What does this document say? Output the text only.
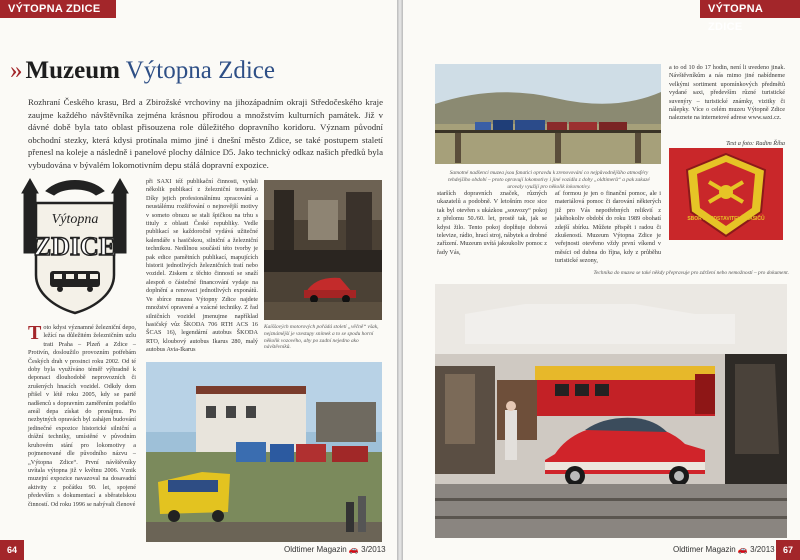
VÝTOPNA ZDICE
» Muzeum Výtopna Zdice
Rozhraní Českého krasu, Brd a Zbirožské vrchoviny na jihozápadním okraji Středočeského kraje zaujme každého návštěvníka zejména krásnou přírodou a množstvím kulturních památek. Již v dávné době byla tato oblast přisouzena role důležitého dopravního koridoru. Význam původní obchodní stezky, která kdysi protínala mimo jiné i dnešní město Zdice, se také postupem staletí přenesl na koleje a následně i panelové plochy dálnice D5. Jako technický odkaz našich předků byla vybudována v bývalém lokomotivním depu stálá dopravní expozice.
Výtopna
ZDICE
Toto kdysi významné železniční depo, ležící na důležitém železničním uzlu trati Praha – Plzeň a Zdice – Protivín, dosloužilo provozním potřebám Českých drah v prosinci roku 2002. Od té doby byla využíváno téměř výhradně k deponaci dlouhodobě neprovozních či zrušených hnacích vozidel. Odkdy dom přišel v létě roku 2005, kdy se partě nadšenců s dopravním zaměřením podařilo areál depa získat do pronájmu. Po nezbytných opravách byl zahájen budování jedinečné expozice historické silniční a drážní techniky, umístěné v původním kruhovém stání pro lokomotivy a pojmenované dle původního názvu – „Výtopna Zdice“. První návštěvníky uvítala výtopna již v květnu 2006. Vznik muzejní expozice navazoval na dosavadní aktivity z počátku 90. let, spojené především s dokumentací a sběratelskou činností. Od roku 1996 se nabývali členové
při SAXI též publikační činnosti, vydali několik publikací z železniční tematiky. Díky jejich profesionálnímu zpracování a neustálému rozšiřování o nejnovější motivy v someto obrazu se stali špičkou na trhu s tituly z oblasti České republiky. Vedle publikací se každoročně vydává užitečné kalendáře s hasičskou, silniční a železniční technikou. Nedílnou součástí této tvorby je pak edice pamětních publikací, mapujících historii jednotlivých železničních tratí nebo vozidel. Ziskem z těchto činností se snaží alespoň o částečné financování vydaje na doplnění a renovaci jednotlivých exponátů. Ve sbírce muzea Výtopny Zdice najdete množství opravené a vzácné techniky. Z řad silničních vozidel jmenujme například hasičský vůz ŠKODA 706 RTH ACS 16 ŠCAS 16), legendární autobus ŠKODA RTO, kloubový autobus Ikarus 280, malý autobus Avia-Ikarus
Kaiššových motorových pořádá století „věčně“ však, nejznámější je vzestupy snímek a to se spodu horní několik vozového, aby po zadní nejedno ako návštěvníků.
64	Oldtimer Magazin 🚗 3/2013
VÝTOPNA ZDICE
a to od 10 do 17 hodin, není li uvedeno jinak. Návštěvníkům a nás mimo jiné nabídneme velkými sortiment upomínkových předmětů vydané saxi, především různé turistické suvenýry – turistické známky, vizitky či nálepky. Více o celém muzeu Výtopně Zdice naleznete na internetové adrese www.saxi.cz.
Text a foto: Radim Říha
Samotné nadšenci muzea jsou fanatici opravdu k zrenovování co nejpůvodnějšího atmosféry tehdejšího období – proto opravují lokomotivy i jiné vozidla z doby „oldtimerů“ a pak zakazé urovaly využijí pro několik lokomotivy.
SBOR PŘEDSTAVITELŮ HASIČŮ
starších dopravních značek, různých ukazatelů a podobně. V letošním roce sice tak byl otevřen s ukázkou „souvozy“ pokoj z přelomu 50./60. let, prostě tak, jak se kdysi žilo. Tento pokoj doplňuje dobová televize, rádio, hrací stroj, nábytek a drobné zařízení. Muzeum uvítá jakoukoliv pomoc z řady Vás,
ať formou je jen o finanční pomoc, ale i materiálová pomoc či darování některých již pro Vás nepotřebných relikvií z jakéhokoliv období do roku 1989 obohatí zdejší sbírku. Můžete přispět i radou či zkušeností. Muzeum Výtopna Zdice je veřejnosti otevřeno vždy první víkend v měsíci od dubna do října, kdy z průběhu turistické sezony,
Technika do muzea se také někdy přepravuje pro zdržení nebo nemožností – pro dokument.
Oldtimer Magazin 🚗 3/2013 67
